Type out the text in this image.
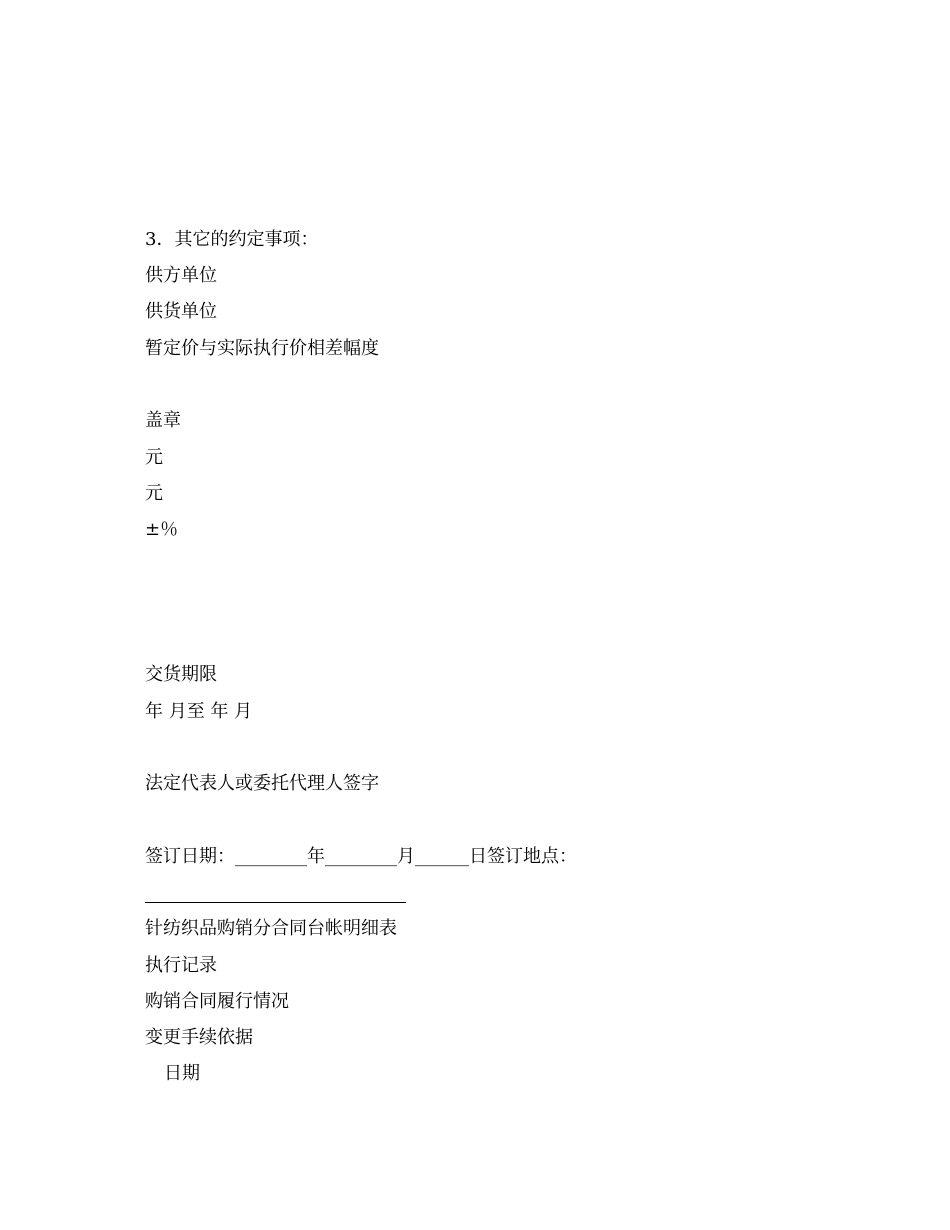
3．其它的约定事项：
供方单位
供货单位
暂定价与实际执行价相差幅度
盖章
元
元
±％
交货期限
年 月至 年 月
法定代表人或委托代理人签字
签订日期：________年________月______日签订地点：
针纺织品购销分合同台帐明细表
执行记录
购销合同履行情况
变更手续依据
日期
